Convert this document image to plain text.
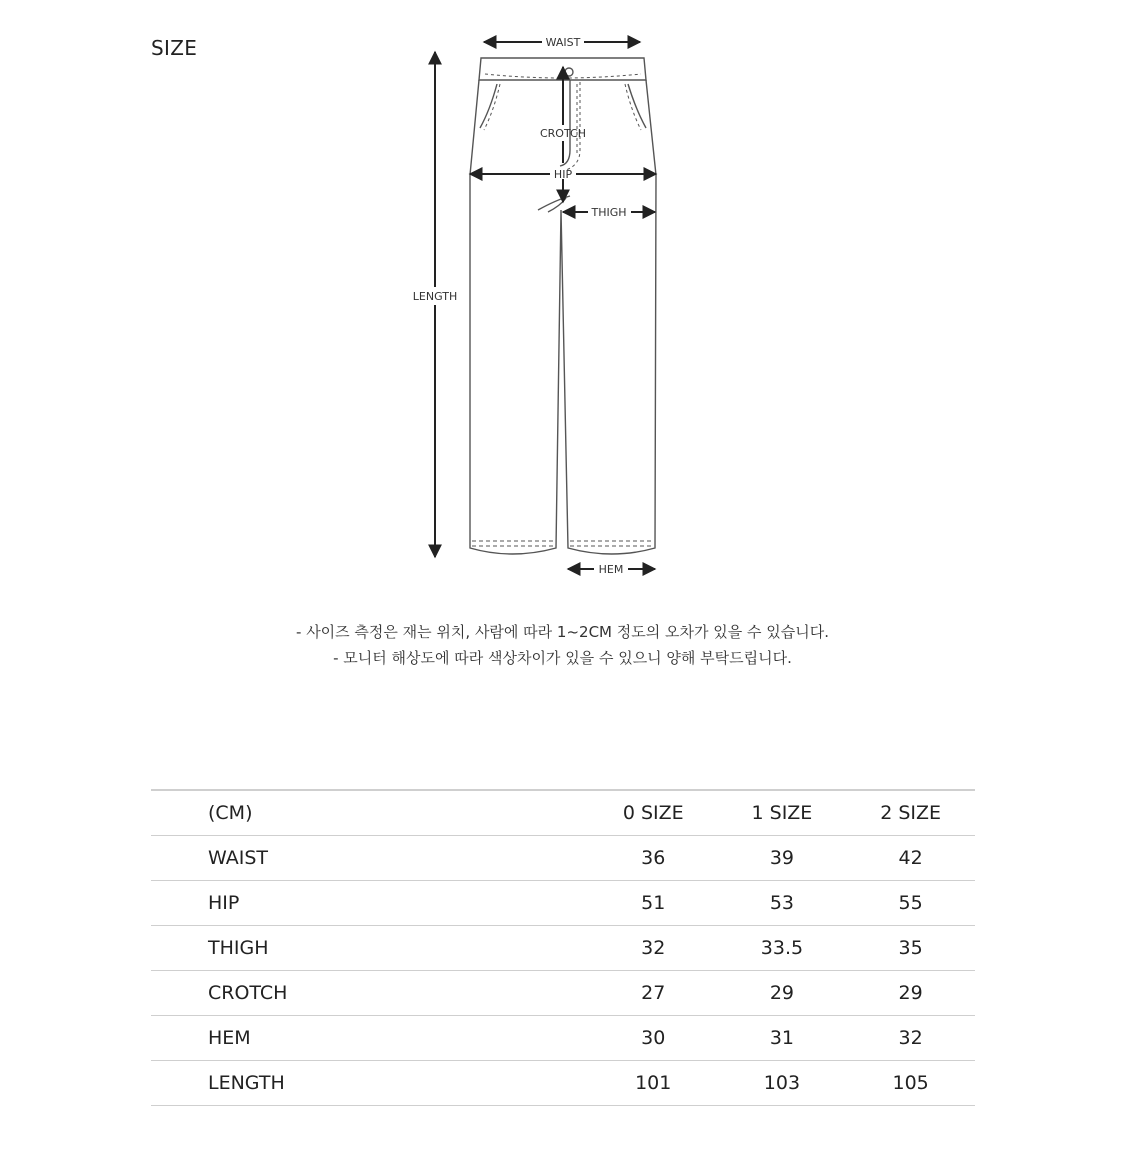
SIZE	WAIST
CROTCH
HIP
THIGH
LENGTH
HEM
- 사이즈 측정은 재는 위치, 사람에 따라 1~2CM 정도의 오차가 있을 수 있습니다.
- 모니터 해상도에 따라 색상차이가 있을 수 있으니 양해 부탁드립니다.
(CM)	0 SIZE	1 SIZE	2 SIZE
WAIST	36	39	42
HIP	51	53	55
THIGH	32	33.5	35
CROTCH	27	29	29
HEM	30	31	32
LENGTH	101	103	105
